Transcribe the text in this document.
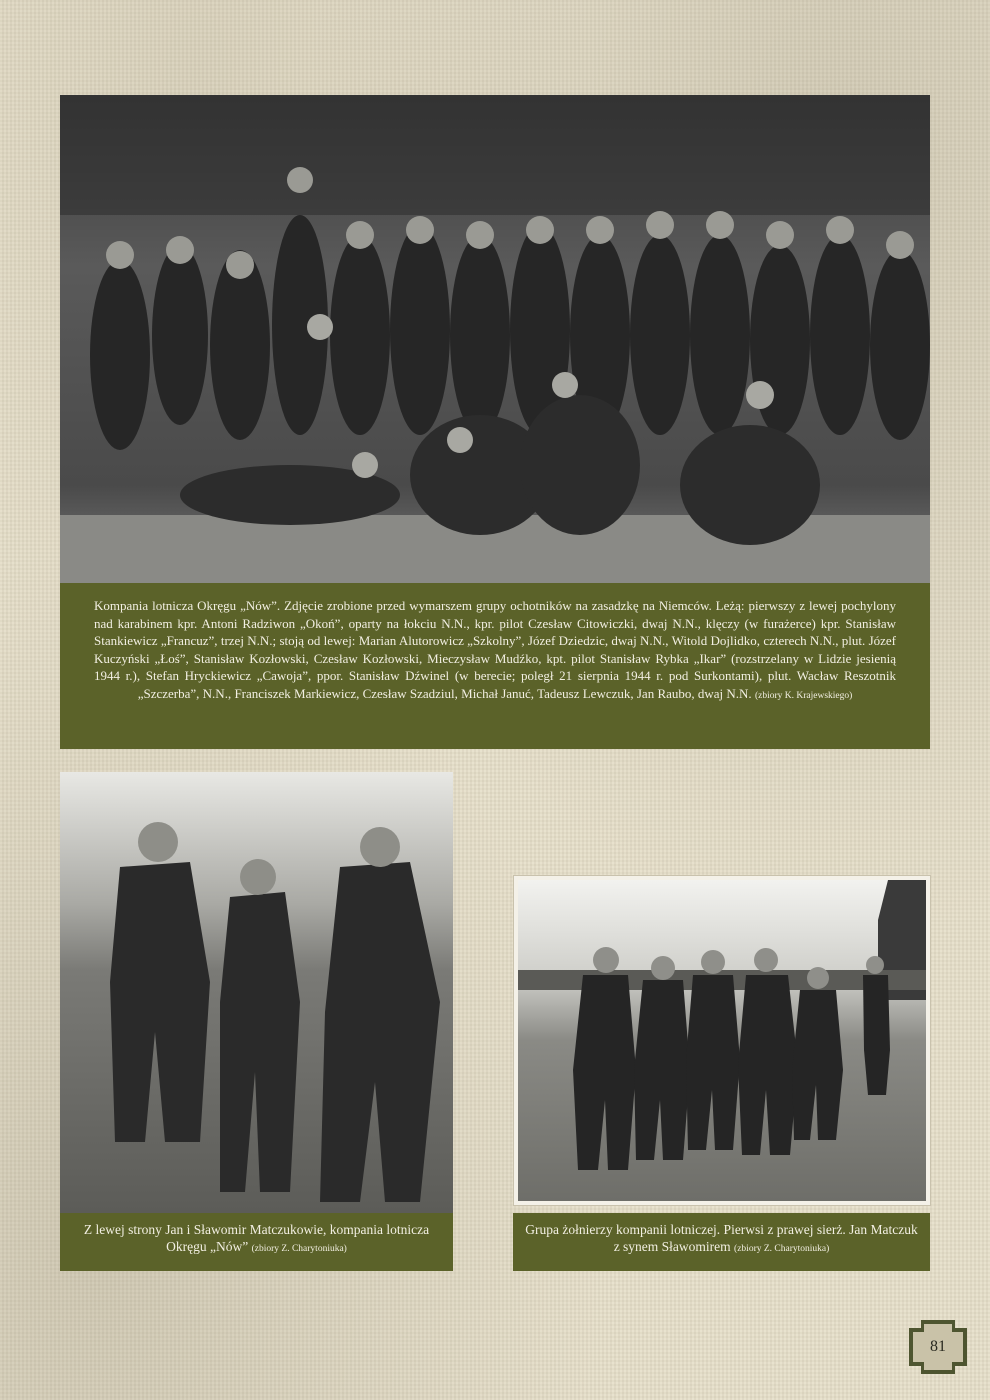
Kompania lotnicza Okręgu „Nów”. Zdjęcie zrobione przed wymarszem grupy ochotników na zasadzkę na Niemców. Leżą: pierwszy z lewej pochylony nad karabinem kpr. Antoni Radziwon „Okoń”, oparty na łokciu N.N., kpr. pilot Czesław Citowiczki, dwaj N.N., klęczy (w furażerce) kpr. Stanisław Stankiewicz „Francuz”, trzej N.N.; stoją od lewej: Marian Alutorowicz „Szkolny”, Józef Dziedzic, dwaj N.N., Witold Dojlidko, czterech N.N., plut. Józef Kuczyński „Łoś”, Stanisław Kozłowski, Czesław Kozłowski, Mieczysław Mudźko, kpt. pilot Stanisław Rybka „Ikar” (rozstrzelany w Lidzie jesienią 1944 r.), Stefan Hryckiewicz „Cawoja”, ppor. Stanisław Dźwinel (w berecie; poległ 21 sierpnia 1944 r. pod Surkontami), plut. Wacław Reszotnik „Szczerba”, N.N., Franciszek Markiewicz, Czesław Szadziul, Michał Januć, Tadeusz Lewczuk, Jan Raubo, dwaj N.N. (zbiory K. Krajewskiego)

Z lewej strony Jan i Sławomir Matczukowie, kompania lotnicza Okręgu „Nów” (zbiory Z. Charytoniuka)

Grupa żołnierzy kompanii lotniczej. Pierwsi z prawej sierż. Jan Matczuk z synem Sławomirem (zbiory Z. Charytoniuka)

81
